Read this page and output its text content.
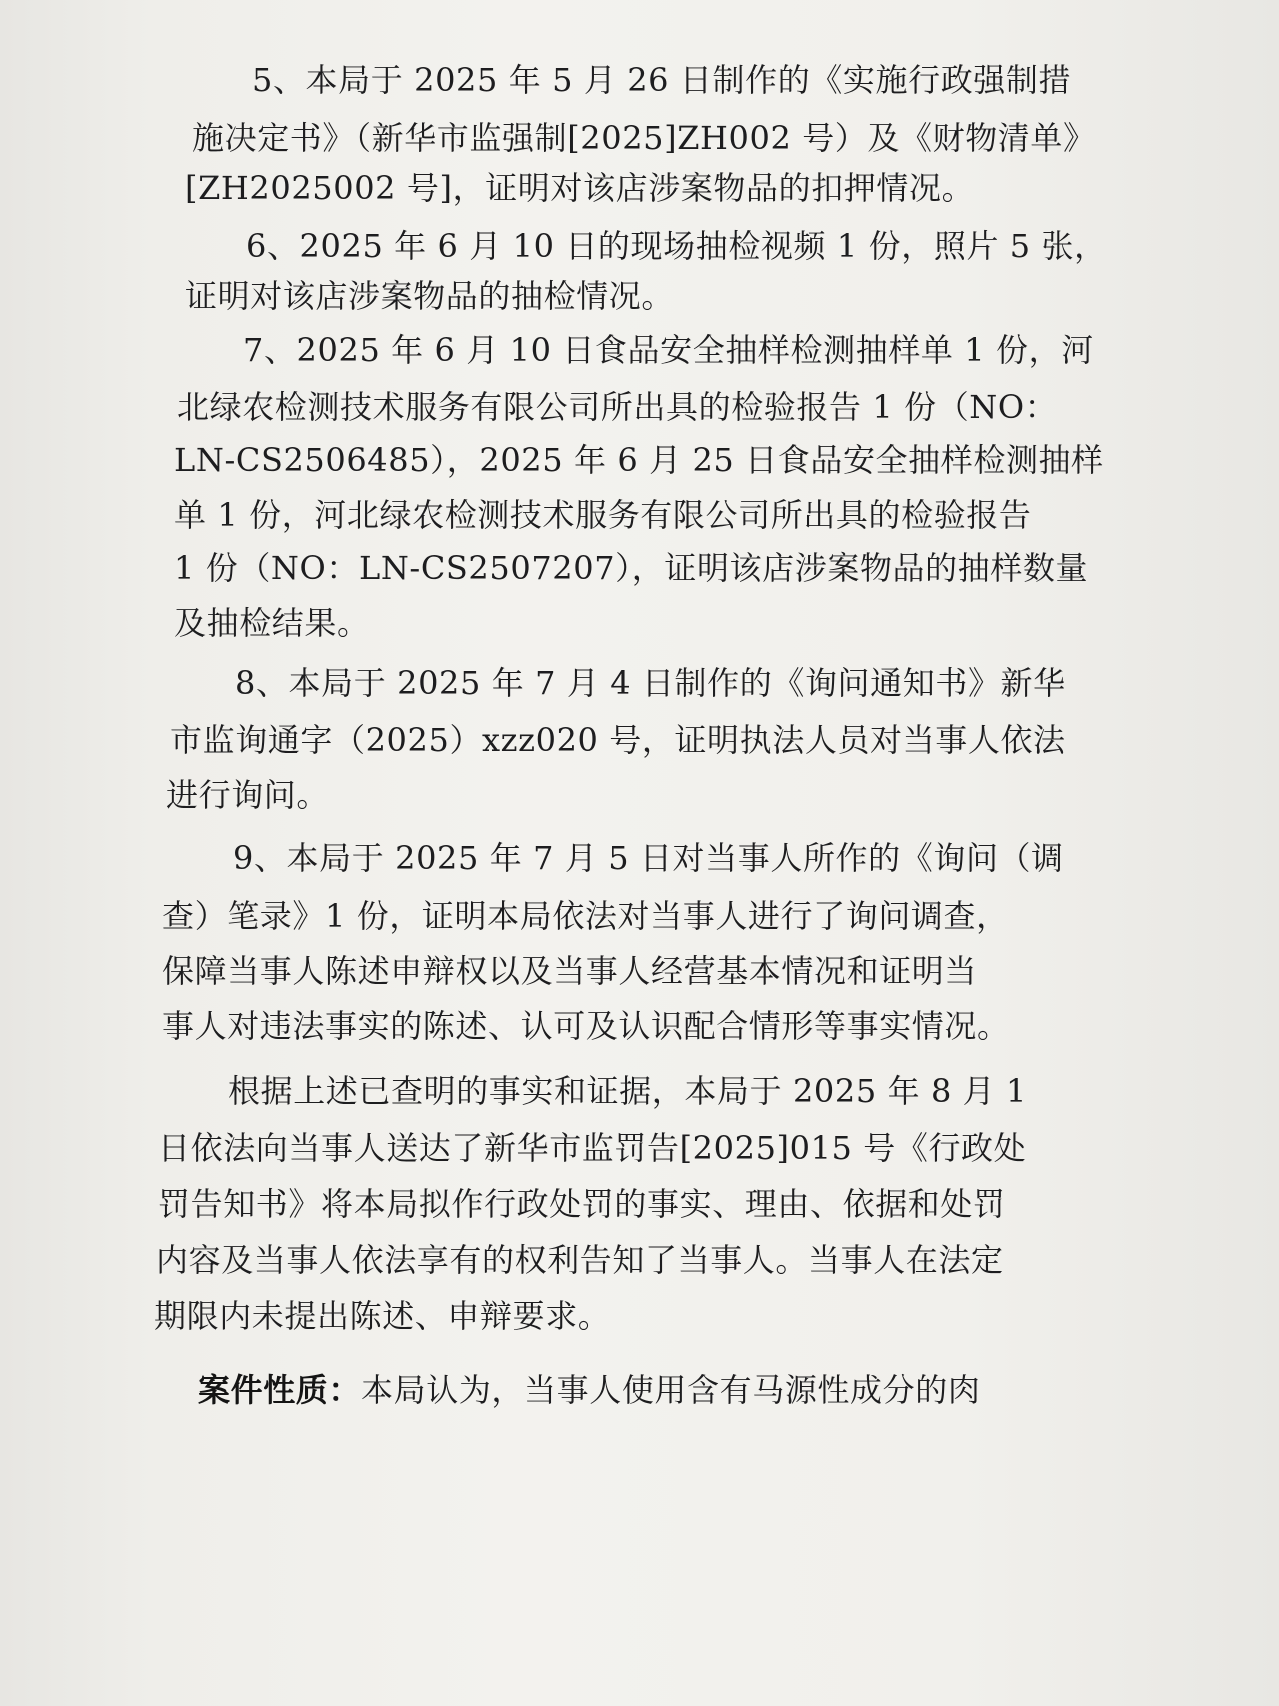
5、本局于 2025 年 5 月 26 日制作的《实施行政强制措
施决定书》（新华市监强制[2025]ZH002 号）及《财物清单》
[ZH2025002 号]，证明对该店涉案物品的扣押情况。
6、2025 年 6 月 10 日的现场抽检视频 1 份，照片 5 张，
证明对该店涉案物品的抽检情况。
7、2025 年 6 月 10 日食品安全抽样检测抽样单 1 份，河
北绿农检测技术服务有限公司所出具的检验报告 1 份（NO：
LN-CS2506485），2025 年 6 月 25 日食品安全抽样检测抽样
单 1 份，河北绿农检测技术服务有限公司所出具的检验报告
1 份（NO：LN-CS2507207），证明该店涉案物品的抽样数量
及抽检结果。
8、本局于 2025 年 7 月 4 日制作的《询问通知书》新华
市监询通字（2025）xzz020 号，证明执法人员对当事人依法
进行询问。
9、本局于 2025 年 7 月 5 日对当事人所作的《询问（调
查）笔录》1 份，证明本局依法对当事人进行了询问调查，
保障当事人陈述申辩权以及当事人经营基本情况和证明当
事人对违法事实的陈述、认可及认识配合情形等事实情况。
根据上述已查明的事实和证据，本局于 2025 年 8 月 1
日依法向当事人送达了新华市监罚告[2025]015 号《行政处
罚告知书》将本局拟作行政处罚的事实、理由、依据和处罚
内容及当事人依法享有的权利告知了当事人。当事人在法定
期限内未提出陈述、申辩要求。
案件性质：本局认为，当事人使用含有马源性成分的肉
